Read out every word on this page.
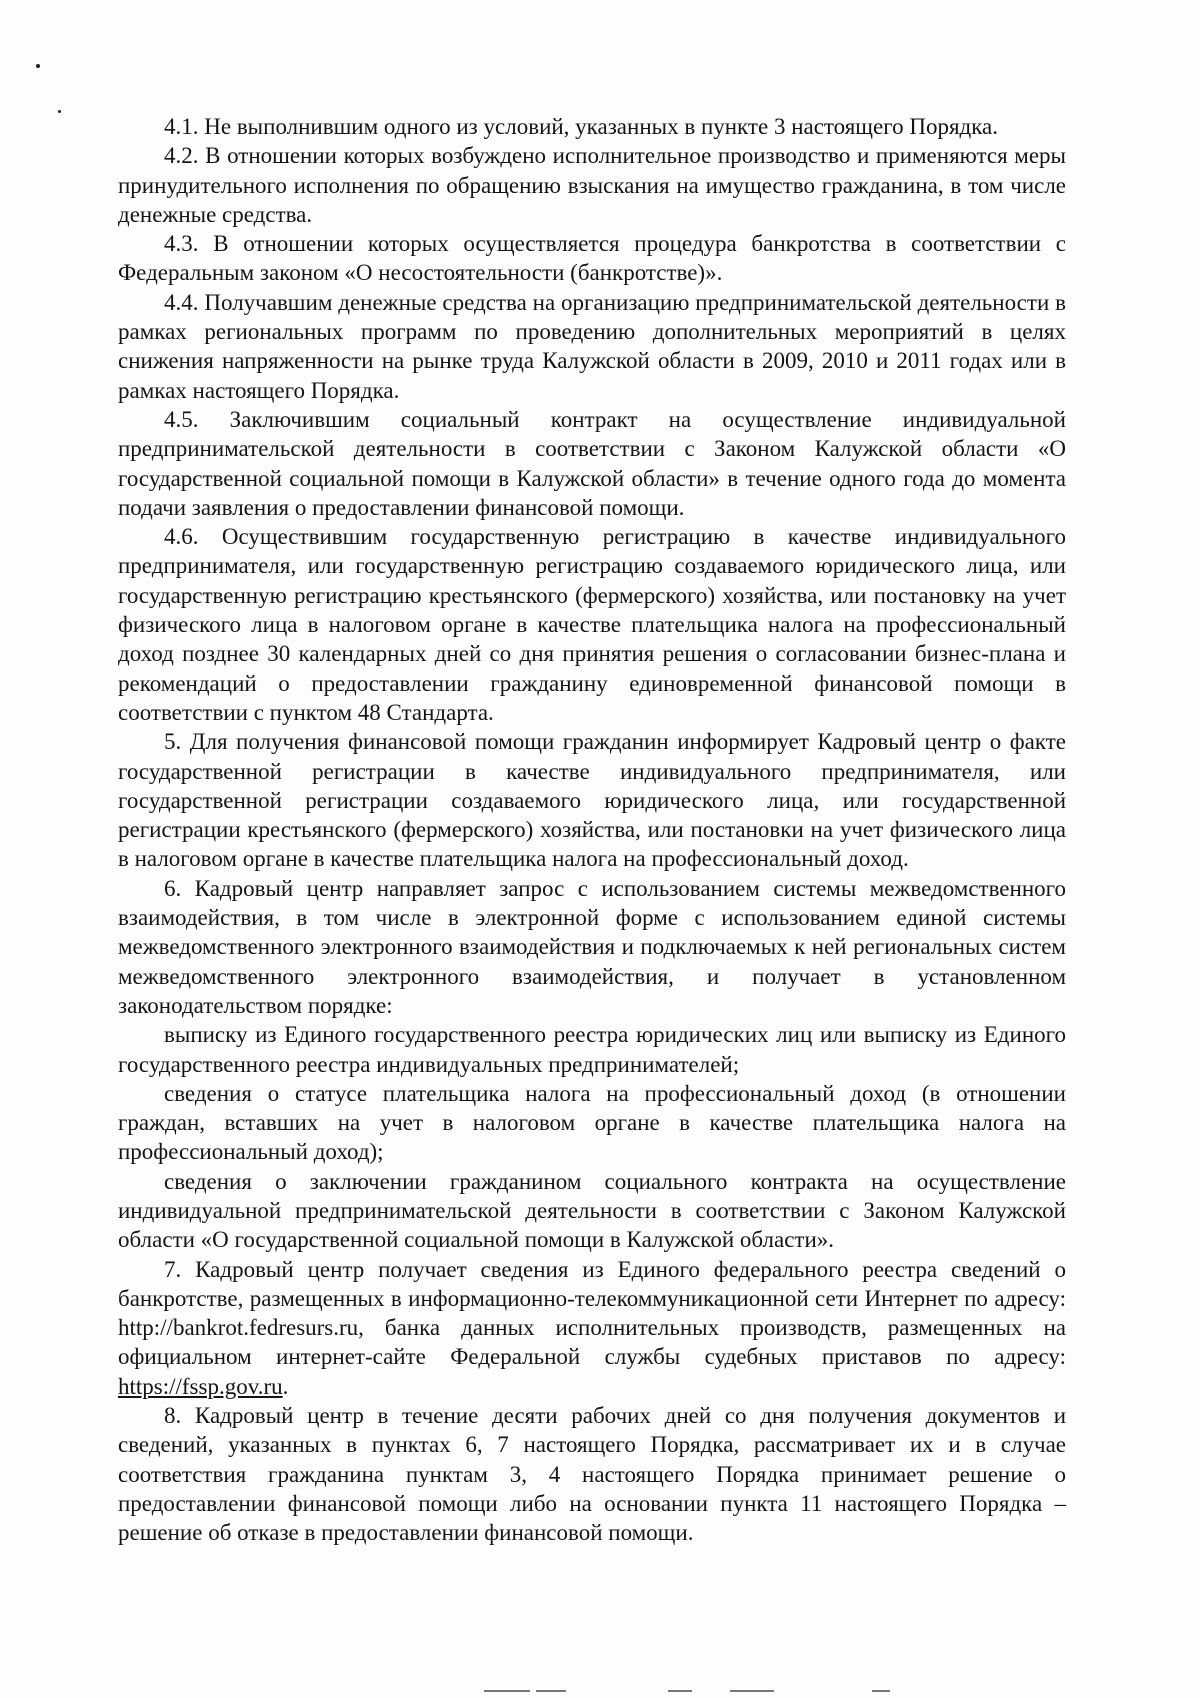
4.1. Не выполнившим одного из условий, указанных в пункте 3 настоящего Порядка.

4.2. В отношении которых возбуждено исполнительное производство и применяются меры принудительного исполнения по обращению взыскания на имущество гражданина, в том числе денежные средства.

4.3. В отношении которых осуществляется процедура банкротства в соответствии с Федеральным законом «О несостоятельности (банкротстве)».

4.4. Получавшим денежные средства на организацию предпринимательской деятельности в рамках региональных программ по проведению дополнительных мероприятий в целях снижения напряженности на рынке труда Калужской области в 2009, 2010 и 2011 годах или в рамках настоящего Порядка.

4.5. Заключившим социальный контракт на осуществление индивидуальной предпринимательской деятельности в соответствии с Законом Калужской области «О государственной социальной помощи в Калужской области» в течение одного года до момента подачи заявления о предоставлении финансовой помощи.

4.6. Осуществившим государственную регистрацию в качестве индивидуального предпринимателя, или государственную регистрацию создаваемого юридического лица, или государственную регистрацию крестьянского (фермерского) хозяйства, или постановку на учет физического лица в налоговом органе в качестве плательщика налога на профессиональный доход позднее 30 календарных дней со дня принятия решения о согласовании бизнес-плана и рекомендаций о предоставлении гражданину единовременной финансовой помощи в соответствии с пунктом 48 Стандарта.

5. Для получения финансовой помощи гражданин информирует Кадровый центр о факте государственной регистрации в качестве индивидуального предпринимателя, или государственной регистрации создаваемого юридического лица, или государственной регистрации крестьянского (фермерского) хозяйства, или постановки на учет физического лица в налоговом органе в качестве плательщика налога на профессиональный доход.

6. Кадровый центр направляет запрос с использованием системы межведомственного взаимодействия, в том числе в электронной форме с использованием единой системы межведомственного электронного взаимодействия и подключаемых к ней региональных систем межведомственного электронного взаимодействия, и получает в установленном законодательством порядке:

выписку из Единого государственного реестра юридических лиц или выписку из Единого государственного реестра индивидуальных предпринимателей;

сведения о статусе плательщика налога на профессиональный доход (в отношении граждан, вставших на учет в налоговом органе в качестве плательщика налога на профессиональный доход);

сведения о заключении гражданином социального контракта на осуществление индивидуальной предпринимательской деятельности в соответствии с Законом Калужской области «О государственной социальной помощи в Калужской области».

7. Кадровый центр получает сведения из Единого федерального реестра сведений о банкротстве, размещенных в информационно-телекоммуникационной сети Интернет по адресу: http://bankrot.fedresurs.ru, банка данных исполнительных производств, размещенных на официальном интернет-сайте Федеральной службы судебных приставов по адресу: https://fssp.gov.ru.

8. Кадровый центр в течение десяти рабочих дней со дня получения документов и сведений, указанных в пунктах 6, 7 настоящего Порядка, рассматривает их и в случае соответствия гражданина пунктам 3, 4 настоящего Порядка принимает решение о предоставлении финансовой помощи либо на основании пункта 11 настоящего Порядка – решение об отказе в предоставлении финансовой помощи.
